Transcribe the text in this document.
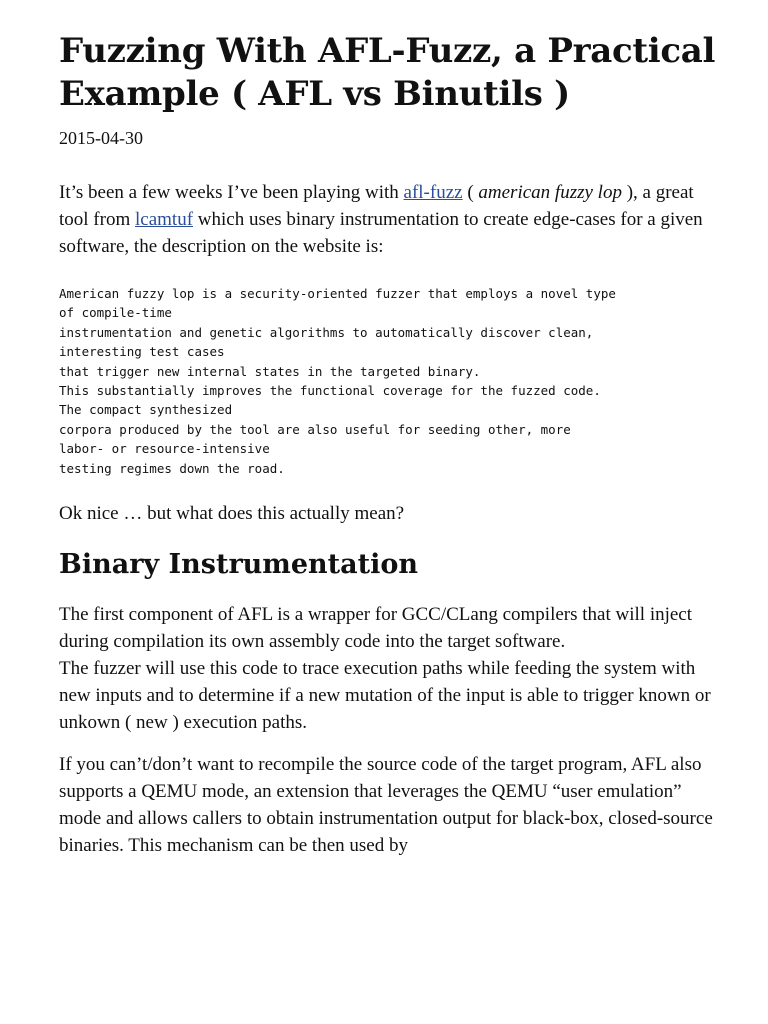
Fuzzing With AFL-Fuzz, a Practical Example ( AFL vs Binutils )
2015-04-30

It’s been a few weeks I’ve been playing with afl-fuzz ( american fuzzy lop ), a great tool from lcamtuf which uses binary instrumentation to create edge-cases for a given software, the description on the website is:

American fuzzy lop is a security-oriented fuzzer that employs a novel type
of compile-time
instrumentation and genetic algorithms to automatically discover clean,
interesting test cases
that trigger new internal states in the targeted binary.
This substantially improves the functional coverage for the fuzzed code.
The compact synthesized
corpora produced by the tool are also useful for seeding other, more
labor- or resource-intensive
testing regimes down the road.

Ok nice … but what does this actually mean?

Binary Instrumentation

The first component of AFL is a wrapper for GCC/CLang compilers that will inject during compilation its own assembly code into the target software.
The fuzzer will use this code to trace execution paths while feeding the system with new inputs and to determine if a new mutation of the input is able to trigger known or unkown ( new ) execution paths.

If you can’t/don’t want to recompile the source code of the target program, AFL also supports a QEMU mode, an extension that leverages the QEMU “user emulation” mode and allows callers to obtain instrumentation output for black-box, closed-source binaries. This mechanism can be then used by
